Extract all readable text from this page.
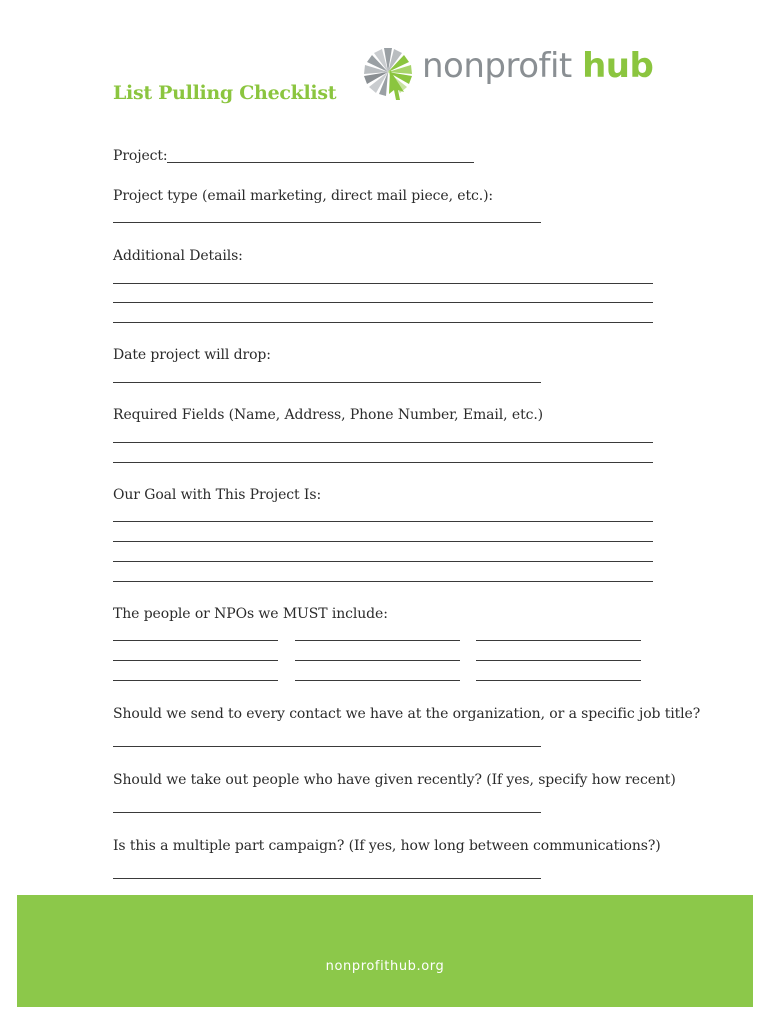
List Pulling Checklist
nonprofit hub
Project:
Project type (email marketing, direct mail piece, etc.):
Additional Details:
Date project will drop:
Required Fields (Name, Address, Phone Number, Email, etc.)
Our Goal with This Project Is:
The people or NPOs we MUST include:
Should we send to every contact we have at the organization, or a specific job title?
Should we take out people who have given recently? (If yes, specify how recent)
Is this a multiple part campaign? (If yes, how long between communications?)
nonprofithub.org
